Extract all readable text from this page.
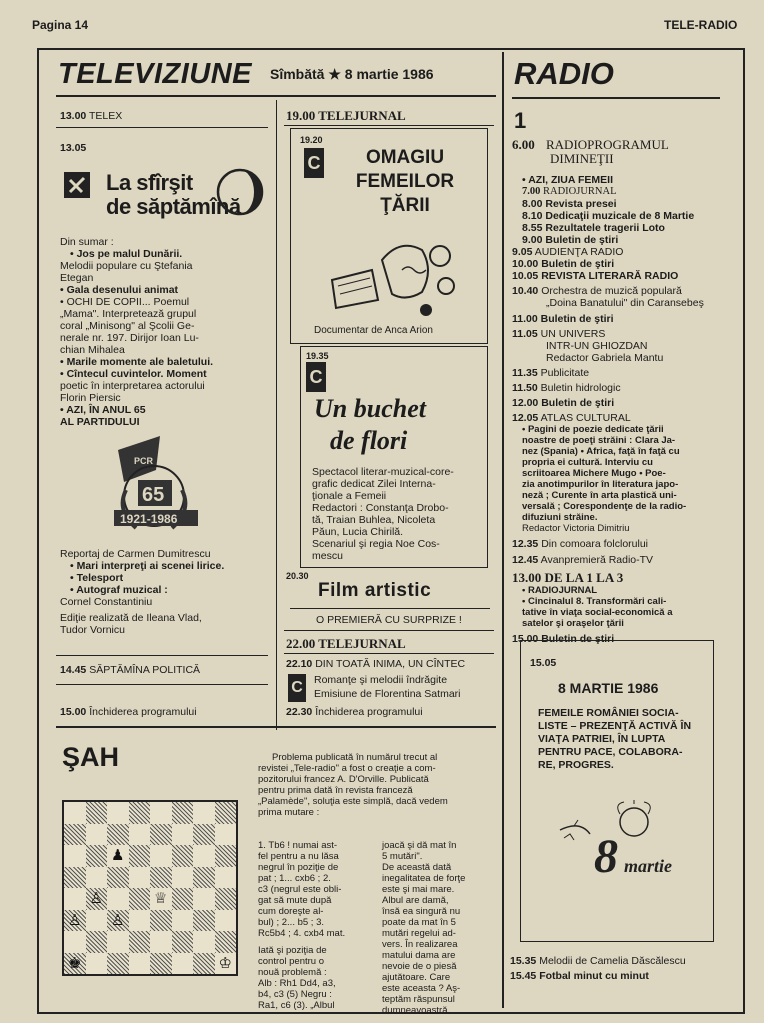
Pagina 14	TELE-RADIO
TELEVIZIUNE Sîmbătă ★ 8 martie 1986
13.00 TELEX
13.05
La sfîrşit
de săptămînă
Din sumar :
• Jos pe malul Dunării.
Melodii populare cu Ştefania
Etegan
• Gala desenului animat
• OCHI DE COPII... Poemul
„Mama". Interpretează grupul
coral „Minisong" al Şcolii Ge-
nerale nr. 197. Dirijor Ioan Lu-
chian Mihalea
• Marile momente ale baletului.
• Cîntecul cuvintelor. Moment
poetic în interpretarea actorului
Florin Piersic
• AZI, ÎN ANUL 65
AL PARTIDULUI
PCR
65
1921-1986
Reportaj de Carmen Dumitrescu
• Mari interpreţi ai scenei lirice.
• Telesport
• Autograf muzical :
Cornel Constantiniu
Ediţie realizată de Ileana Vlad,
Tudor Vornicu
14.45 SĂPTĂMÎNA POLITICĂ
15.00 Închiderea programului
19.00 TELEJURNAL
19.20
C	OMAGIU
FEMEILOR
ŢĂRII
Documentar de Anca Arion
19.35
C
Un buchet
de flori
Spectacol literar-muzical-core-
grafic dedicat Zilei Interna-
ţionale a Femeii
Redactori : Constanţa Drobo-
tă, Traian Buhleа, Nicoleta
Păun, Lucia Chirilă.
Scenariul şi regia Noe Cos-
mescu
20.30
Film artistic
O PREMIERĂ CU SURPRIZE !
22.00 TELEJURNAL
22.10 DIN TOATĂ INIMA, UN CÎNTEC
C	Romanţe şi melodii îndrăgite
Emisiune de Florentina Satmari
22.30 Închiderea programului
ŞAH
♟
♕
♙
♙ ♙
♚	♔
Problema publicată în numărul trecut al
revistei „Tele-radio" a fost o creaţie a com-
pozitorului francez A. D'Orville. Publicată
pentru prima dată în revista franceză
„Palamède", soluţia este simplă, dacă vedem
prima mutare :
1. Tb6 ! numai ast-
fel pentru a nu lăsa
negrul în poziţie de
pat ; 1... cxb6 ; 2.
c3 (negrul este obli-
gat să mute după
cum doreşte al-
bul) ; 2... b5 ; 3.
Rc5b4 ; 4. cxb4 mat.
Iată şi poziţia de
control pentru o
nouă problemă :
Alb : Rh1 Dd4, a3,
b4, c3 (5) Negru :
Ra1, c6 (3). „Albul
joacă şi dă mat în
5 mutări".
De această dată
inegalitatea de forţe
este şi mai mare.
Albul are damă,
însă ea singură nu
poate da mat în 5
mutări regelui ad-
vers. În realizarea
matului dama are
nevoie de o piesă
ajutătoare. Care
este aceasta ? Aş-
teptăm răspunsul
dumneavoastră.
RADIO
1
6.00 RADIOPROGRAMUL
DIMINEŢII
• AZI, ZIUA FEMEII
7.00 RADIOJURNAL
8.00 Revista presei
8.10 Dedicaţii muzicale de 8 Martie
8.55 Rezultatele tragerii Loto
9.00 Buletin de ştiri
9.05 AUDIENŢA RADIO
10.00 Buletin de ştiri
10.05 REVISTA LITERARĂ RADIO
10.40 Orchestra de muzică populară
„Doina Banatului" din Caransebeş
11.00 Buletin de ştiri
11.05 UN UNIVERS
INTR-UN GHIOZDAN
Redactor Gabriela Mantu
11.35 Publicitate
11.50 Buletin hidrologic
12.00 Buletin de ştiri
12.05 ATLAS CULTURAL
• Pagini de poezie dedicate ţării
noastre de poeţi străini : Clara Ja-
nez (Spania) • Africa, faţă în faţă cu
propria ei cultură. Interviu cu
scriitoarea Michere Mugo • Poe-
zia anotimpurilor în literatura japo-
neză ; Curente în arta plastică uni-
versală ; Corespondenţe de la radio-
difuziuni străine.
Redactor Victoria Dimitriu
12.35 Din comoara folclorului
12.45 Avanpremieră Radio-TV
13.00 DE LA 1 LA 3
• RADIOJURNAL
• Cincinalul 8. Transformări cali-
tative în viaţa social-economică a
satelor şi oraşelor ţării
15.00 Buletin de ştiri
15.05
8 MARTIE 1986
FEMEILE ROMÂNIEI SOCIA-
LISTE – PREZENŢĂ ACTIVĂ ÎN
VIAŢA PATRIEI, ÎN LUPTA
PENTRU PACE, COLABORA-
RE, PROGRES.
8 martie
15.35 Melodii de Camelia Dăscălescu
15.45 Fotbal minut cu minut
